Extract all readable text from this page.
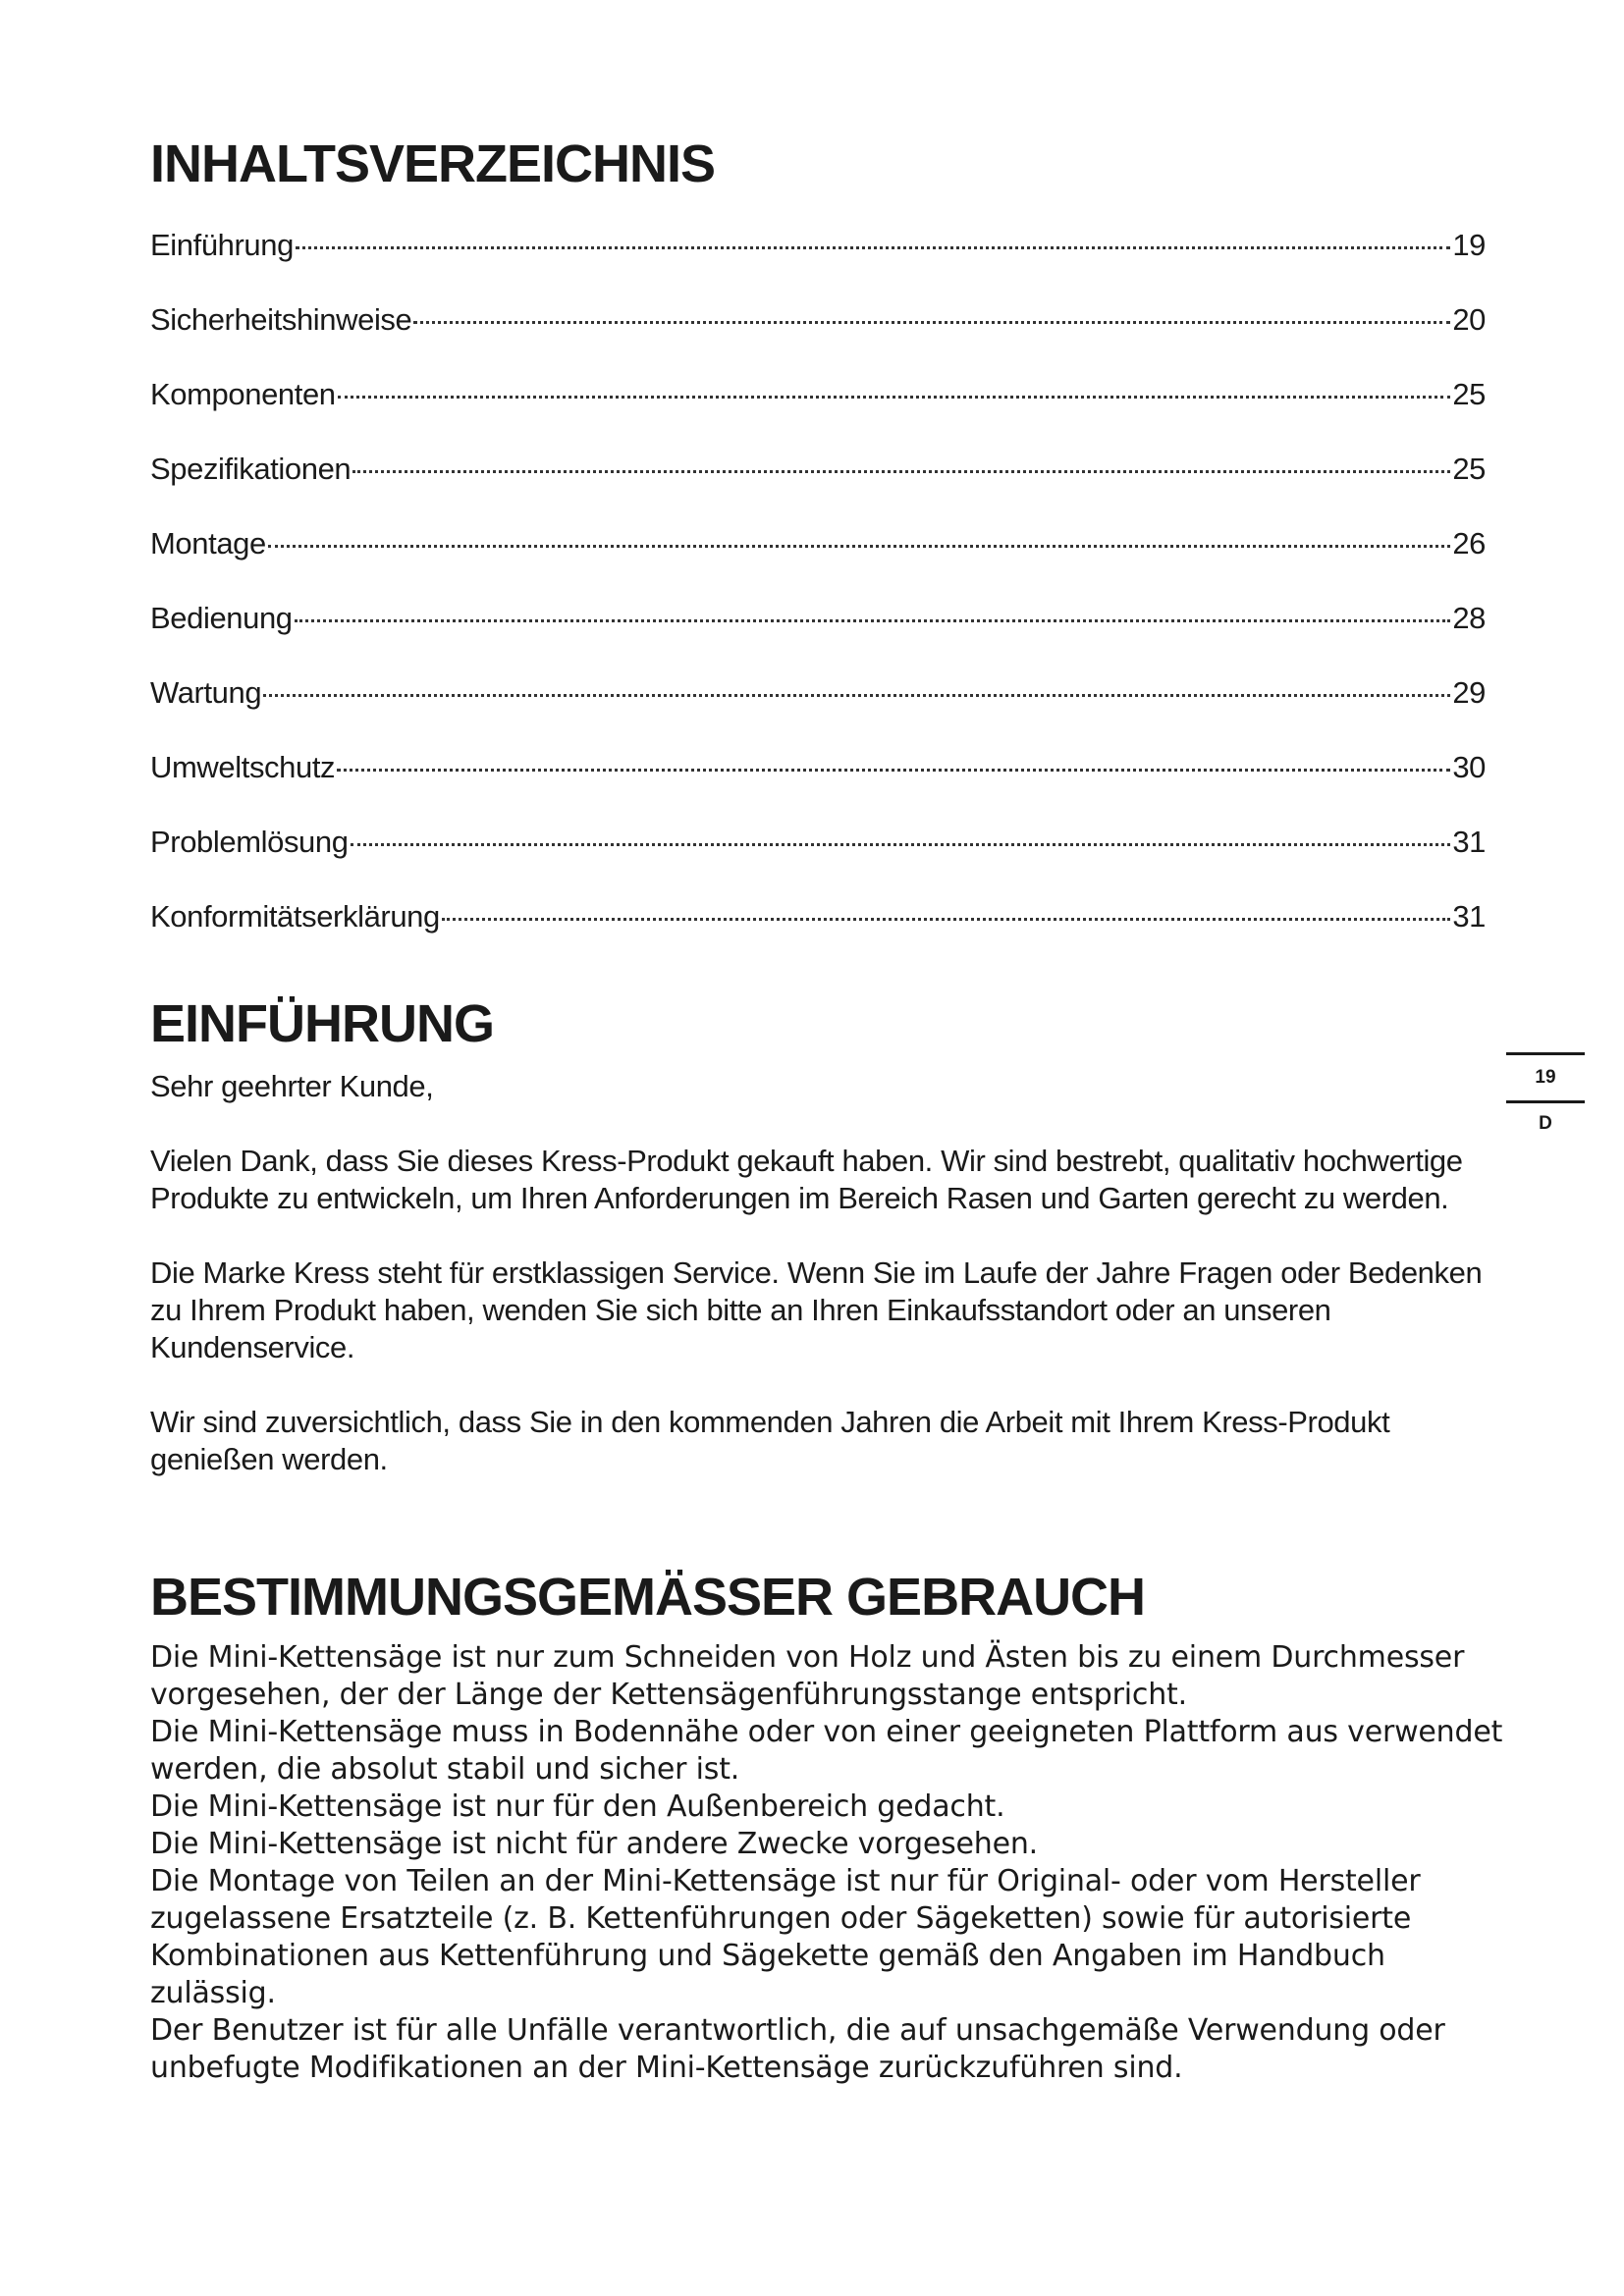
INHALTSVERZEICHNIS
Einführung	19
Sicherheitshinweise	20
Komponenten	25
Spezifikationen	25
Montage	26
Bedienung	28
Wartung	29
Umweltschutz	30
Problemlösung	31
Konformitätserklärung	31
EINFÜHRUNG

Sehr geehrter Kunde,

Vielen Dank, dass Sie dieses Kress-Produkt gekauft haben. Wir sind bestrebt, qualitativ hochwertige Produkte zu entwickeln, um Ihren Anforderungen im Bereich Rasen und Garten gerecht zu werden.

Die Marke Kress steht für erstklassigen Service. Wenn Sie im Laufe der Jahre Fragen oder Bedenken zu Ihrem Produkt haben, wenden Sie sich bitte an Ihren Einkaufsstandort oder an unseren Kundenservice.

Wir sind zuversichtlich, dass Sie in den kommenden Jahren die Arbeit mit Ihrem Kress-Produkt genießen werden.

BESTIMMUNGSGEMÄSSER GEBRAUCH

Die Mini-Kettensäge ist nur zum Schneiden von Holz und Ästen bis zu einem Durchmesser vorgesehen, der der Länge der Kettensägenführungsstange entspricht.

Die Mini-Kettensäge muss in Bodennähe oder von einer geeigneten Plattform aus verwendet werden, die absolut stabil und sicher ist.

Die Mini-Kettensäge ist nur für den Außenbereich gedacht.

Die Mini-Kettensäge ist nicht für andere Zwecke vorgesehen.

Die Montage von Teilen an der Mini-Kettensäge ist nur für Original- oder vom Hersteller zugelassene Ersatzteile (z. B. Kettenführungen oder Sägeketten) sowie für autorisierte Kombinationen aus Kettenführung und Sägekette gemäß den Angaben im Handbuch zulässig.

Der Benutzer ist für alle Unfälle verantwortlich, die auf unsachgemäße Verwendung oder unbefugte Modifikationen an der Mini-Kettensäge zurückzuführen sind.

19
D
